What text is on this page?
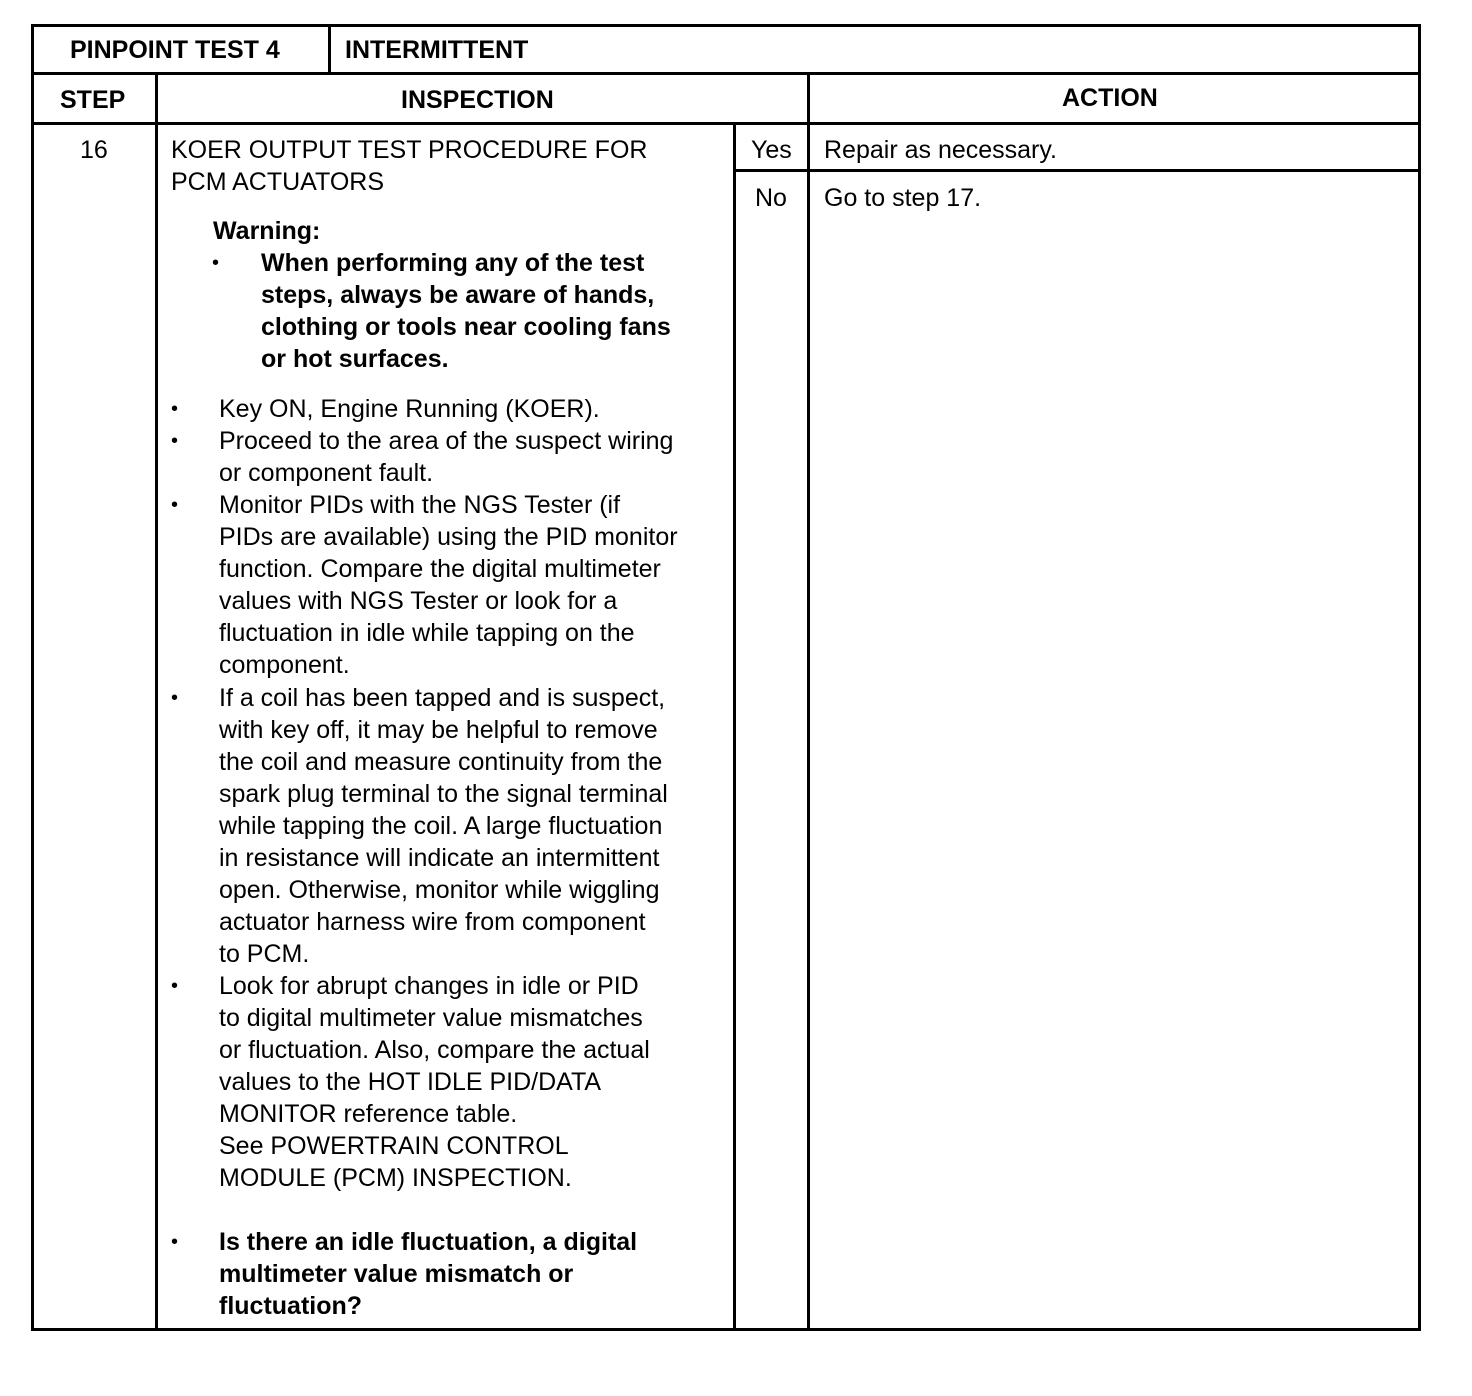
PINPOINT TEST 4	INTERMITTENT
STEP	INSPECTION	ACTION
16	KOER OUTPUT TEST PROCEDURE FOR
PCM ACTUATORS
Warning:
• When performing any of the test
steps, always be aware of hands,
clothing or tools near cooling fans
or hot surfaces.
• Key ON, Engine Running (KOER).
• Proceed to the area of the suspect wiring
or component fault.
• Monitor PIDs with the NGS Tester (if
PIDs are available) using the PID monitor
function. Compare the digital multimeter
values with NGS Tester or look for a
fluctuation in idle while tapping on the
component.
• If a coil has been tapped and is suspect,
with key off, it may be helpful to remove
the coil and measure continuity from the
spark plug terminal to the signal terminal
while tapping the coil. A large fluctuation
in resistance will indicate an intermittent
open. Otherwise, monitor while wiggling
actuator harness wire from component
to PCM.
• Look for abrupt changes in idle or PID
to digital multimeter value mismatches
or fluctuation. Also, compare the actual
values to the HOT IDLE PID/DATA
MONITOR reference table.
See POWERTRAIN CONTROL
MODULE (PCM) INSPECTION.
• Is there an idle fluctuation, a digital
multimeter value mismatch or
fluctuation?
Yes Repair as necessary.
No Go to step 17.
